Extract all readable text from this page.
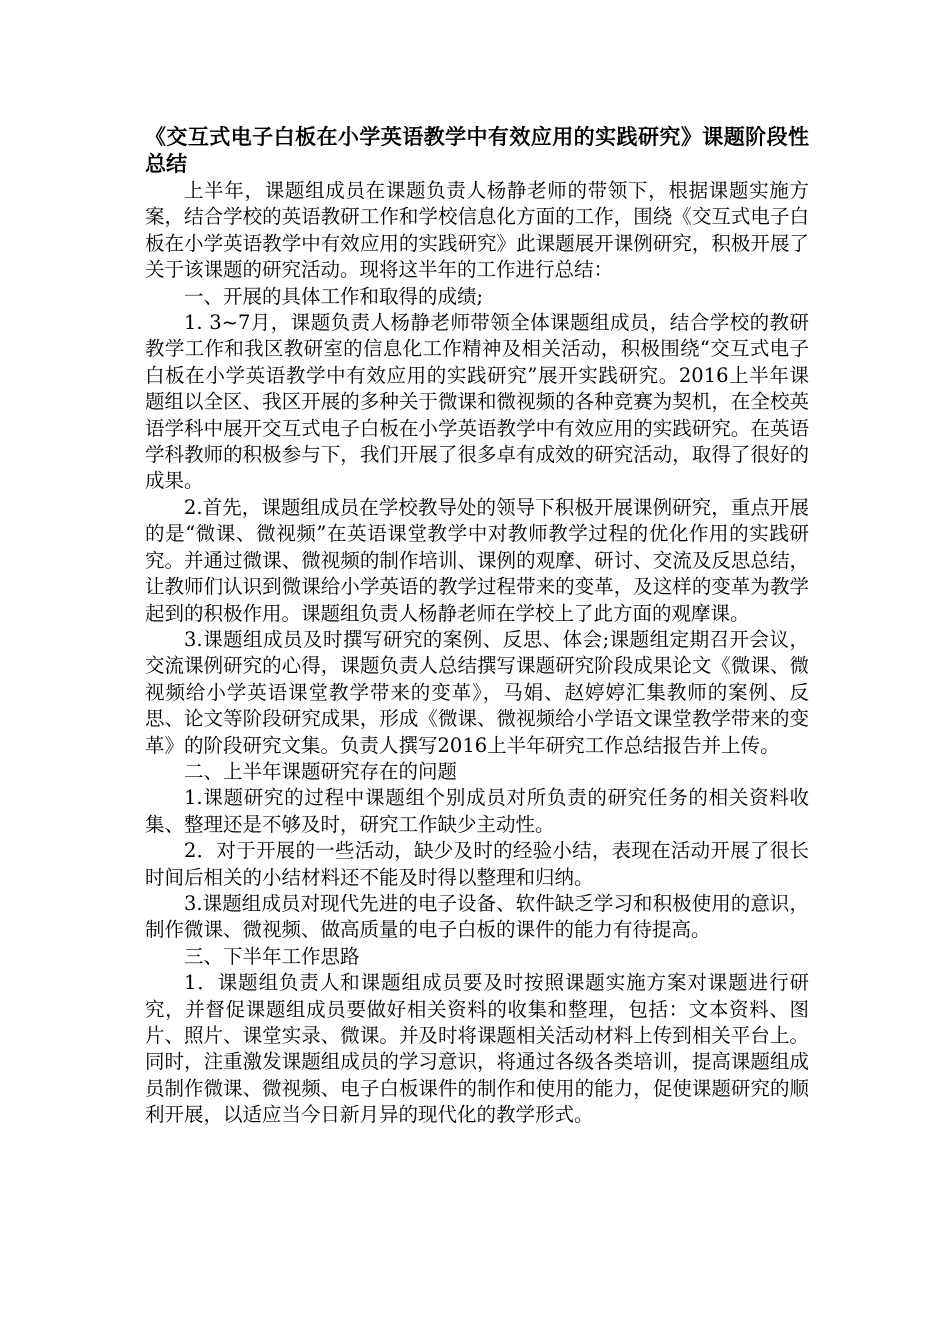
《交互式电子白板在小学英语教学中有效应用的实践研究》课题阶段性总结

上半年，课题组成员在课题负责人杨静老师的带领下，根据课题实施方案，结合学校的英语教研工作和学校信息化方面的工作，围绕《交互式电子白板在小学英语教学中有效应用的实践研究》此课题展开课例研究，积极开展了关于该课题的研究活动。现将这半年的工作进行总结：

一、开展的具体工作和取得的成绩;

1. 3~7月，课题负责人杨静老师带领全体课题组成员，结合学校的教研教学工作和我区教研室的信息化工作精神及相关活动，积极围绕“交互式电子白板在小学英语教学中有效应用的实践研究”展开实践研究。2016上半年课题组以全区、我区开展的多种关于微课和微视频的各种竞赛为契机，在全校英语学科中展开交互式电子白板在小学英语教学中有效应用的实践研究。在英语学科教师的积极参与下，我们开展了很多卓有成效的研究活动，取得了很好的成果。

2.首先，课题组成员在学校教导处的领导下积极开展课例研究，重点开展的是“微课、微视频”在英语课堂教学中对教师教学过程的优化作用的实践研究。并通过微课、微视频的制作培训、课例的观摩、研讨、交流及反思总结，让教师们认识到微课给小学英语的教学过程带来的变革，及这样的变革为教学起到的积极作用。课题组负责人杨静老师在学校上了此方面的观摩课。

3.课题组成员及时撰写研究的案例、反思、体会;课题组定期召开会议，交流课例研究的心得，课题负责人总结撰写课题研究阶段成果论文《微课、微视频给小学英语课堂教学带来的变革》，马娟、赵婷婷汇集教师的案例、反思、论文等阶段研究成果，形成《微课、微视频给小学语文课堂教学带来的变革》的阶段研究文集。负责人撰写2016上半年研究工作总结报告并上传。

二、上半年课题研究存在的问题

1.课题研究的过程中课题组个别成员对所负责的研究任务的相关资料收集、整理还是不够及时，研究工作缺少主动性。

2．对于开展的一些活动，缺少及时的经验小结，表现在活动开展了很长时间后相关的小结材料还不能及时得以整理和归纳。

3.课题组成员对现代先进的电子设备、软件缺乏学习和积极使用的意识，制作微课、微视频、做高质量的电子白板的课件的能力有待提高。

三、下半年工作思路

1．课题组负责人和课题组成员要及时按照课题实施方案对课题进行研究，并督促课题组成员要做好相关资料的收集和整理，包括：文本资料、图片、照片、课堂实录、微课。并及时将课题相关活动材料上传到相关平台上。同时，注重激发课题组成员的学习意识，将通过各级各类培训，提高课题组成员制作微课、微视频、电子白板课件的制作和使用的能力，促使课题研究的顺利开展，以适应当今日新月异的现代化的教学形式。
